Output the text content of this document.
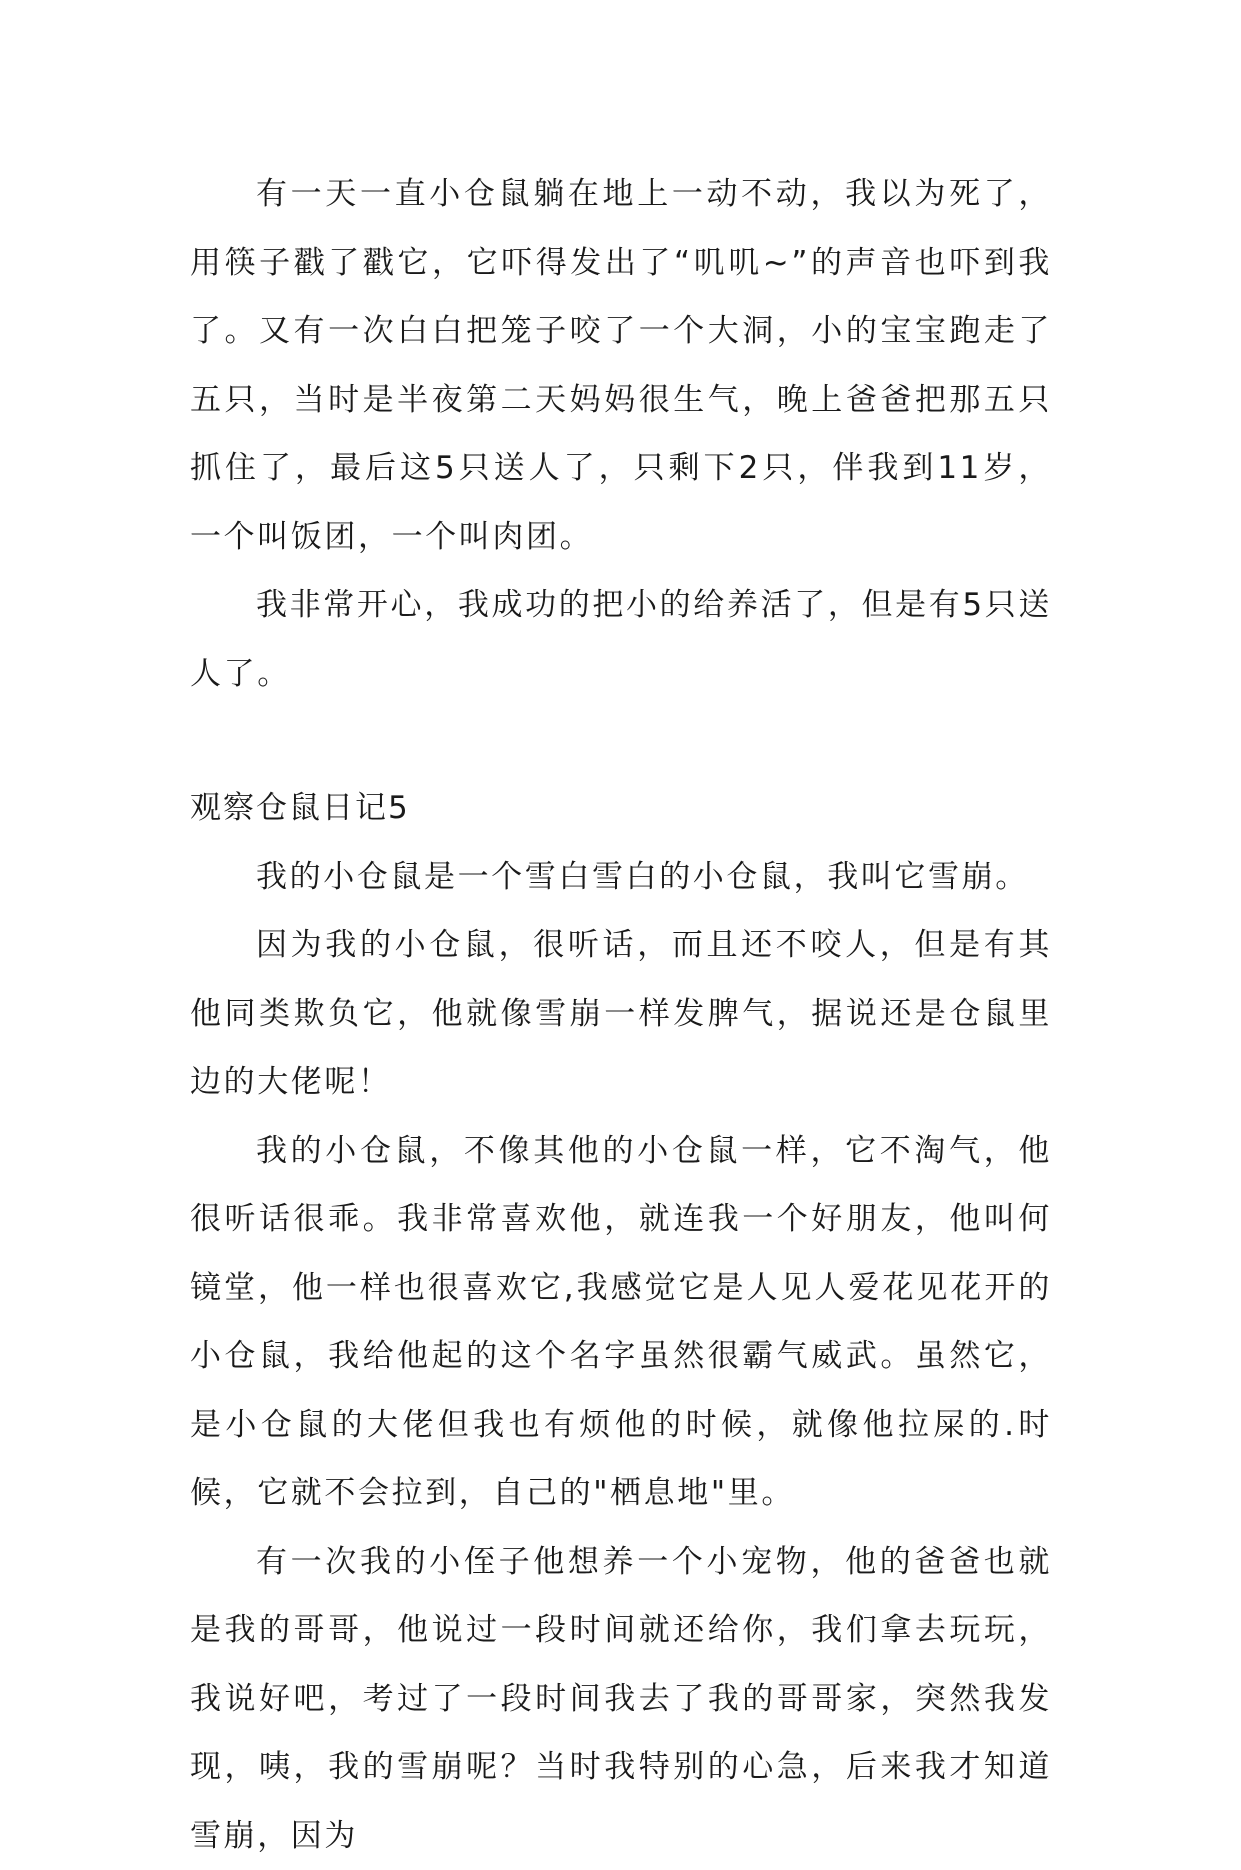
有一天一直小仓鼠躺在地上一动不动，我以为死了，用筷子戳了戳它，它吓得发出了“叽叽~”的声音也吓到我了。又有一次白白把笼子咬了一个大洞，小的宝宝跑走了五只，当时是半夜第二天妈妈很生气，晚上爸爸把那五只抓住了，最后这5只送人了，只剩下2只，伴我到11岁，一个叫饭团，一个叫肉团。

我非常开心，我成功的把小的给养活了，但是有5只送人了。

观察仓鼠日记5

我的小仓鼠是一个雪白雪白的小仓鼠，我叫它雪崩。

因为我的小仓鼠，很听话，而且还不咬人，但是有其他同类欺负它，他就像雪崩一样发脾气，据说还是仓鼠里边的大佬呢！

我的小仓鼠，不像其他的小仓鼠一样，它不淘气，他很听话很乖。我非常喜欢他，就连我一个好朋友，他叫何镜堂，他一样也很喜欢它,我感觉它是人见人爱花见花开的小仓鼠，我给他起的这个名字虽然很霸气威武。虽然它，是小仓鼠的大佬但我也有烦他的时候，就像他拉屎的.时候，它就不会拉到，自己的"栖息地"里。

有一次我的小侄子他想养一个小宠物，他的爸爸也就是我的哥哥，他说过一段时间就还给你，我们拿去玩玩，我说好吧，考过了一段时间我去了我的哥哥家，突然我发现，咦，我的雪崩呢？当时我特别的心急，后来我才知道雪崩，因为
